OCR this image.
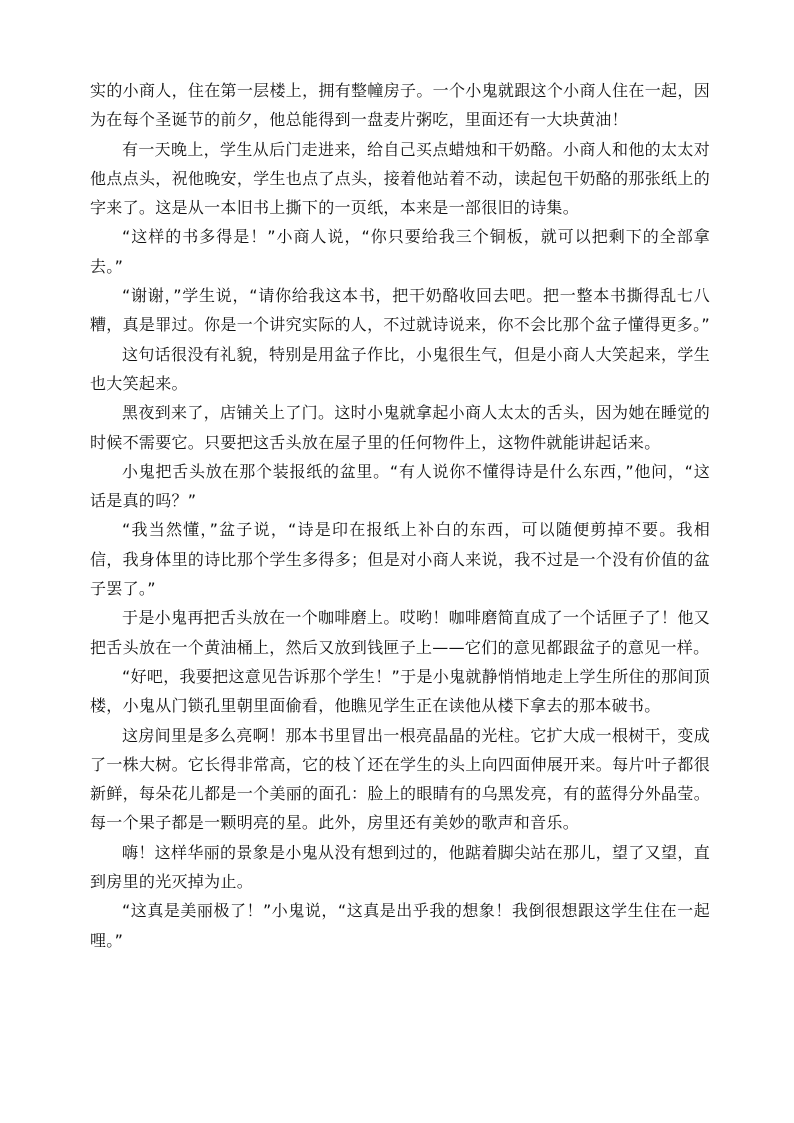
实的小商人，住在第一层楼上，拥有整幢房子。一个小鬼就跟这个小商人住在一起，因为在每个圣诞节的前夕，他总能得到一盘麦片粥吃，里面还有一大块黄油！

有一天晚上，学生从后门走进来，给自己买点蜡烛和干奶酪。小商人和他的太太对他点点头，祝他晚安，学生也点了点头，接着他站着不动，读起包干奶酪的那张纸上的字来了。这是从一本旧书上撕下的一页纸，本来是一部很旧的诗集。

“这样的书多得是！”小商人说，“你只要给我三个铜板，就可以把剩下的全部拿去。”

“谢谢，”学生说，“请你给我这本书，把干奶酪收回去吧。把一整本书撕得乱七八糟，真是罪过。你是一个讲究实际的人，不过就诗说来，你不会比那个盆子懂得更多。”

这句话很没有礼貌，特别是用盆子作比，小鬼很生气，但是小商人大笑起来，学生也大笑起来。

黑夜到来了，店铺关上了门。这时小鬼就拿起小商人太太的舌头，因为她在睡觉的时候不需要它。只要把这舌头放在屋子里的任何物件上，这物件就能讲起话来。

小鬼把舌头放在那个装报纸的盆里。“有人说你不懂得诗是什么东西，”他问，“这话是真的吗？”

“我当然懂，”盆子说，“诗是印在报纸上补白的东西，可以随便剪掉不要。我相信，我身体里的诗比那个学生多得多；但是对小商人来说，我不过是一个没有价值的盆子罢了。”

于是小鬼再把舌头放在一个咖啡磨上。哎哟！咖啡磨简直成了一个话匣子了！他又把舌头放在一个黄油桶上，然后又放到钱匣子上——它们的意见都跟盆子的意见一样。

“好吧，我要把这意见告诉那个学生！”于是小鬼就静悄悄地走上学生所住的那间顶楼，小鬼从门锁孔里朝里面偷看，他瞧见学生正在读他从楼下拿去的那本破书。

这房间里是多么亮啊！那本书里冒出一根亮晶晶的光柱。它扩大成一根树干，变成了一株大树。它长得非常高，它的枝丫还在学生的头上向四面伸展开来。每片叶子都很新鲜，每朵花儿都是一个美丽的面孔：脸上的眼睛有的乌黑发亮，有的蓝得分外晶莹。每一个果子都是一颗明亮的星。此外，房里还有美妙的歌声和音乐。

嗨！这样华丽的景象是小鬼从没有想到过的，他踮着脚尖站在那儿，望了又望，直到房里的光灭掉为止。

“这真是美丽极了！”小鬼说，“这真是出乎我的想象！我倒很想跟这学生住在一起哩。”
